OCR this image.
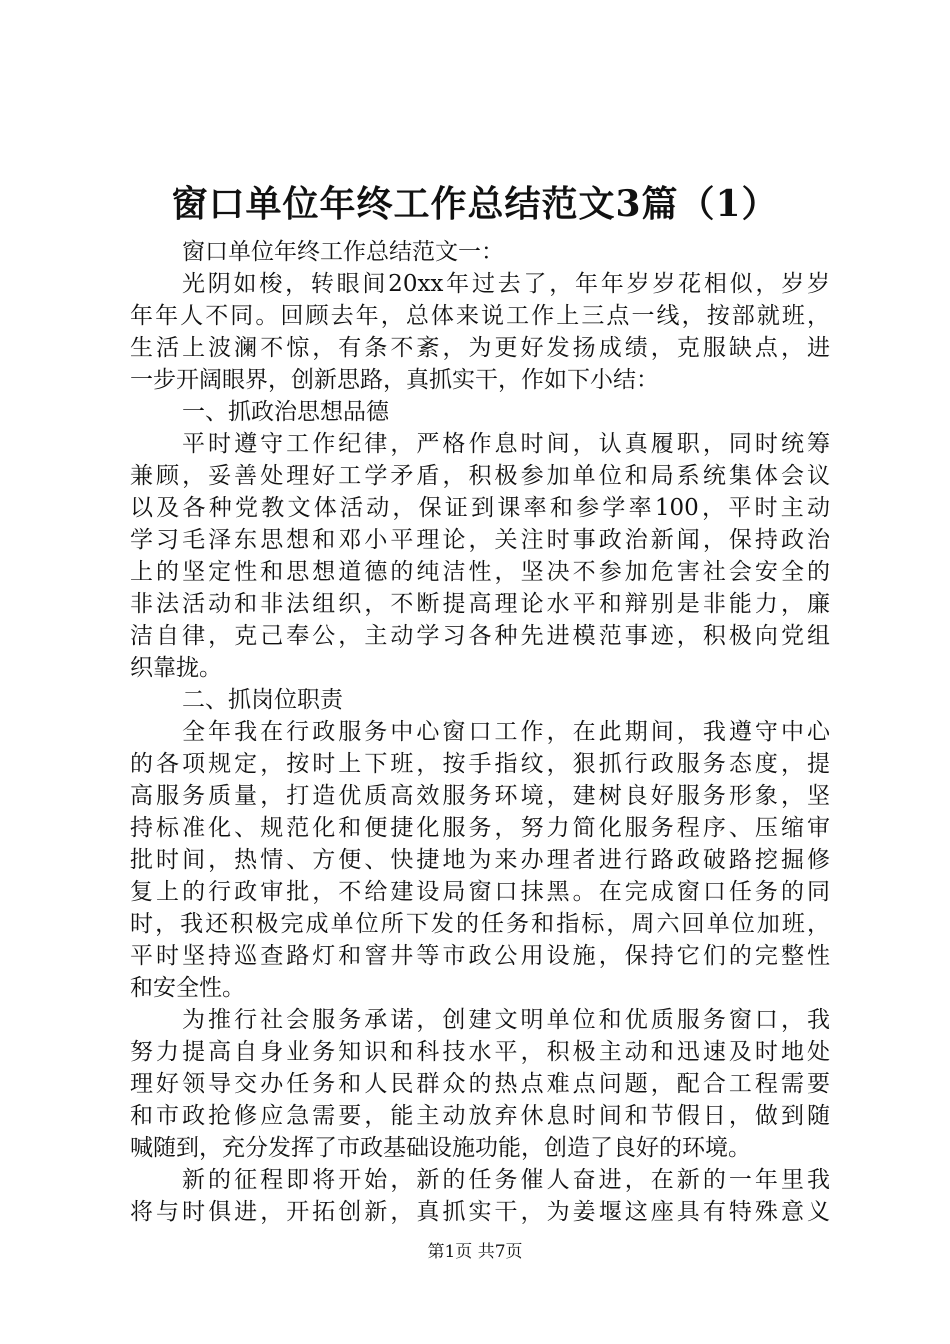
窗口单位年终工作总结范文3篇（1）
窗口单位年终工作总结范文一：
光阴如梭，转眼间20xx年过去了，年年岁岁花相似，岁岁
年年人不同。回顾去年，总体来说工作上三点一线，按部就班，
生活上波澜不惊，有条不紊，为更好发扬成绩，克服缺点，进
一步开阔眼界，创新思路，真抓实干，作如下小结：
一、抓政治思想品德
平时遵守工作纪律，严格作息时间，认真履职，同时统筹
兼顾，妥善处理好工学矛盾，积极参加单位和局系统集体会议
以及各种党教文体活动，保证到课率和参学率100，平时主动
学习毛泽东思想和邓小平理论，关注时事政治新闻，保持政治
上的坚定性和思想道德的纯洁性，坚决不参加危害社会安全的
非法活动和非法组织，不断提高理论水平和辩别是非能力，廉
洁自律，克己奉公，主动学习各种先进模范事迹，积极向党组
织靠拢。
二、抓岗位职责
全年我在行政服务中心窗口工作，在此期间，我遵守中心
的各项规定，按时上下班，按手指纹，狠抓行政服务态度，提
高服务质量，打造优质高效服务环境，建树良好服务形象，坚
持标准化、规范化和便捷化服务，努力简化服务程序、压缩审
批时间，热情、方便、快捷地为来办理者进行路政破路挖掘修
复上的行政审批，不给建设局窗口抹黑。在完成窗口任务的同
时，我还积极完成单位所下发的任务和指标，周六回单位加班，
平时坚持巡查路灯和窨井等市政公用设施，保持它们的完整性
和安全性。
为推行社会服务承诺，创建文明单位和优质服务窗口，我
努力提高自身业务知识和科技水平，积极主动和迅速及时地处
理好领导交办任务和人民群众的热点难点问题，配合工程需要
和市政抢修应急需要，能主动放弃休息时间和节假日，做到随
喊随到，充分发挥了市政基础设施功能，创造了良好的环境。
新的征程即将开始，新的任务催人奋进，在新的一年里我
将与时俱进，开拓创新，真抓实干，为姜堰这座具有特殊意义
第1页 共7页
